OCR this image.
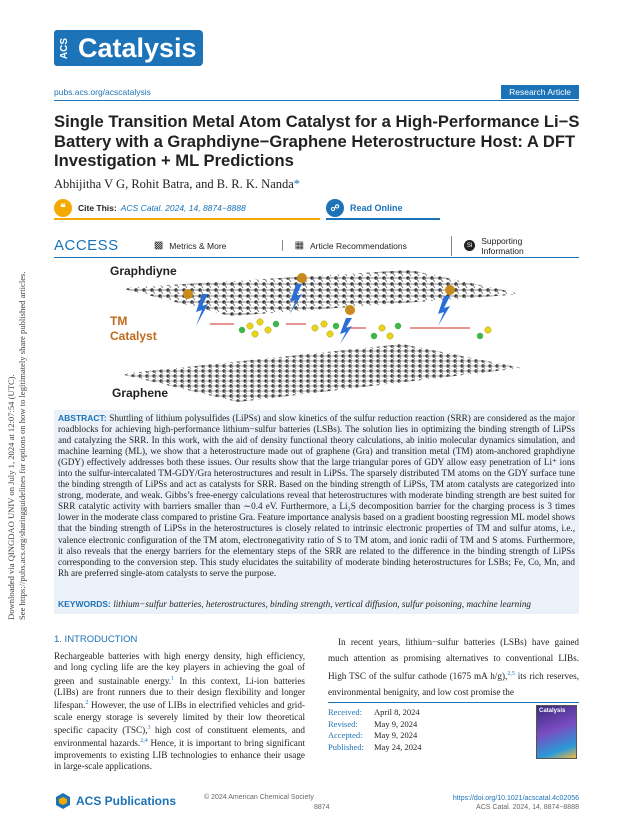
Downloaded via QINGDAO UNIV on July 1, 2024 at 12:07:54 (UTC). See https://pubs.acs.org/sharingguidelines for options on how to legitimately share published articles.
ACS Catalysis
pubs.acs.org/acscatalysis	Research Article
Single Transition Metal Atom Catalyst for a High-Performance Li−S Battery with a Graphdiyne−Graphene Heterostructure Host: A DFT Investigation + ML Predictions
Abhijitha V G, Rohit Batra, and B. R. K. Nanda*
❝	Cite This: ACS Catal. 2024, 14, 8874−8888	☍	Read Online
ACCESS	▩ Metrics & More	▦ Article Recommendations	SI	Supporting Information
Graphdiyne
TM
Catalyst
Graphene
ABSTRACT: Shuttling of lithium polysulfides (LiPSs) and slow kinetics of the sulfur reduction reaction (SRR) are considered as the major roadblocks for achieving high-performance lithium−sulfur batteries (LSBs). The solution lies in optimizing the binding strength of LiPSs and catalyzing the SRR. In this work, with the aid of density functional theory calculations, ab initio molecular dynamics simulation, and machine learning (ML), we show that a heterostructure made out of graphene (Gra) and transition metal (TM) atom-anchored graphdiyne (GDY) effectively addresses both these issues. Our results show that the large triangular pores of GDY allow easy penetration of Li⁺ ions into the sulfur-intercalated TM-GDY/Gra heterostructures and result in LiPSs. The sparsely distributed TM atoms on the GDY surface tune the binding strength of LiPSs and act as catalysts for SRR. Based on the binding strength of LiPSs, TM atom catalysts are categorized into strong, moderate, and weak. Gibbs’s free-energy calculations reveal that heterostructures with moderate binding strength are best suited for SRR catalytic activity with barriers smaller than ∼0.4 eV. Furthermore, a Li₂S decomposition barrier for the charging process is 3 times lower in the moderate class compared to pristine Gra. Feature importance analysis based on a gradient boosting regression ML model shows that the binding strength of LiPSs in the heterostructures is closely related to intrinsic electronic properties of TM and sulfur atoms, i.e., valence electronic configuration of the TM atom, electronegativity ratio of S to TM atom, and ionic radii of TM and S atoms. Furthermore, it also reveals that the energy barriers for the elementary steps of the SRR are related to the difference in the binding strength of LiPSs corresponding to the conversion step. This study elucidates the suitability of moderate binding heterostructures for LSBs; Fe, Co, Mn, and Rh are preferred single-atom catalysts to serve the purpose.
KEYWORDS: lithium−sulfur batteries, heterostructures, binding strength, vertical diffusion, sulfur poisoning, machine learning
1. INTRODUCTION
Rechargeable batteries with high energy density, high efficiency, and long cycling life are the key players in achieving the goal of green and sustainable energy.$^1$ In this context, Li-ion batteries (LIBs) are front runners due to their design flexibility and longer lifespan.$^2$ However, the use of LIBs in electrified vehicles and grid-scale energy storage is severely limited by their low theoretical specific capacity (TSC),$^3$ high cost of constituent elements, and environmental hazards.$^{2,4}$ Hence, it is important to bring significant improvements to existing LIB technologies to enhance their usage in large-scale applications.

In recent years, lithium−sulfur batteries (LSBs) have gained much attention as promising alternatives to conventional LIBs. High TSC of the sulfur cathode (1675 mA h/g),$^{2,5}$ its rich reserves, environmental benignity, and low cost promise the

Received:	April 8, 2024
Revised:	May 9, 2024
Accepted:	May 9, 2024
Published:	May 24, 2024
Catalysis
ACS Publications	© 2024 American Chemical Society
8874
https://doi.org/10.1021/acscatal.4c02056
ACS Catal. 2024, 14, 8874−8888
